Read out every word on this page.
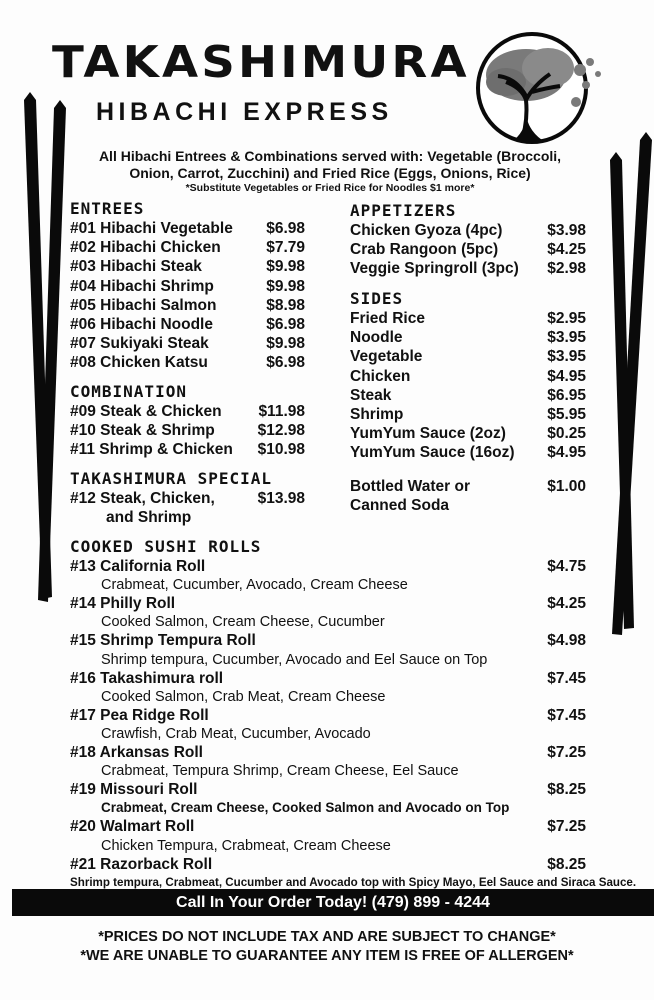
TAKASHIMURA
HIBACHI EXPRESS
All Hibachi Entrees & Combinations served with: Vegetable (Broccoli,
Onion, Carrot, Zucchini) and Fried Rice (Eggs, Onions, Rice)
*Substitute Vegetables or Fried Rice for Noodles $1 more*
ENTREES
#01 Hibachi Vegetable $6.98
#02 Hibachi Chicken	$7.79
#03 Hibachi Steak	$9.98
#04 Hibachi Shrimp	$9.98
#05 Hibachi Salmon	$8.98
#06 Hibachi Noodle	$6.98
#07 Sukiyaki Steak	$9.98
#08 Chicken Katsu	$6.98
COMBINATION
#09 Steak & Chicken $11.98
#10 Steak & Shrimp	$12.98
#11 Shrimp & Chicken $10.98
TAKASHIMURA SPECIAL
#12 Steak, Chicken,	$13.98
and Shrimp
APPETIZERS
Chicken Gyoza (4pc)	$3.98
Crab Rangoon (5pc)	$4.25
Veggie Springroll (3pc) $2.98
SIDES
Fried Rice	$2.95
Noodle	$3.95
Vegetable	$3.95
Chicken	$4.95
Steak	$6.95
Shrimp	$5.95
YumYum Sauce (2oz)	$0.25
YumYum Sauce (16oz) $4.95
Bottled Water or	$1.00
Canned Soda
COOKED SUSHI ROLLS
#13 California Roll	$4.75
Crabmeat, Cucumber, Avocado, Cream Cheese
#14 Philly Roll	$4.25
Cooked Salmon, Cream Cheese, Cucumber
#15 Shrimp Tempura Roll	$4.98
Shrimp tempura, Cucumber, Avocado and Eel Sauce on Top
#16 Takashimura roll	$7.45
Cooked Salmon, Crab Meat, Cream Cheese
#17 Pea Ridge Roll	$7.45
Crawfish, Crab Meat, Cucumber, Avocado
#18 Arkansas Roll	$7.25
Crabmeat, Tempura Shrimp, Cream Cheese, Eel Sauce
#19 Missouri Roll	$8.25
Crabmeat, Cream Cheese, Cooked Salmon and Avocado on Top
#20 Walmart Roll	$7.25
Chicken Tempura, Crabmeat, Cream Cheese
#21 Razorback Roll	$8.25
Shrimp tempura, Crabmeat, Cucumber and Avocado top with Spicy Mayo, Eel Sauce and Siraca Sauce.
Call In Your Order Today! (479) 899 - 4244
*PRICES DO NOT INCLUDE TAX AND ARE SUBJECT TO CHANGE*
*WE ARE UNABLE TO GUARANTEE ANY ITEM IS FREE OF ALLERGEN*
